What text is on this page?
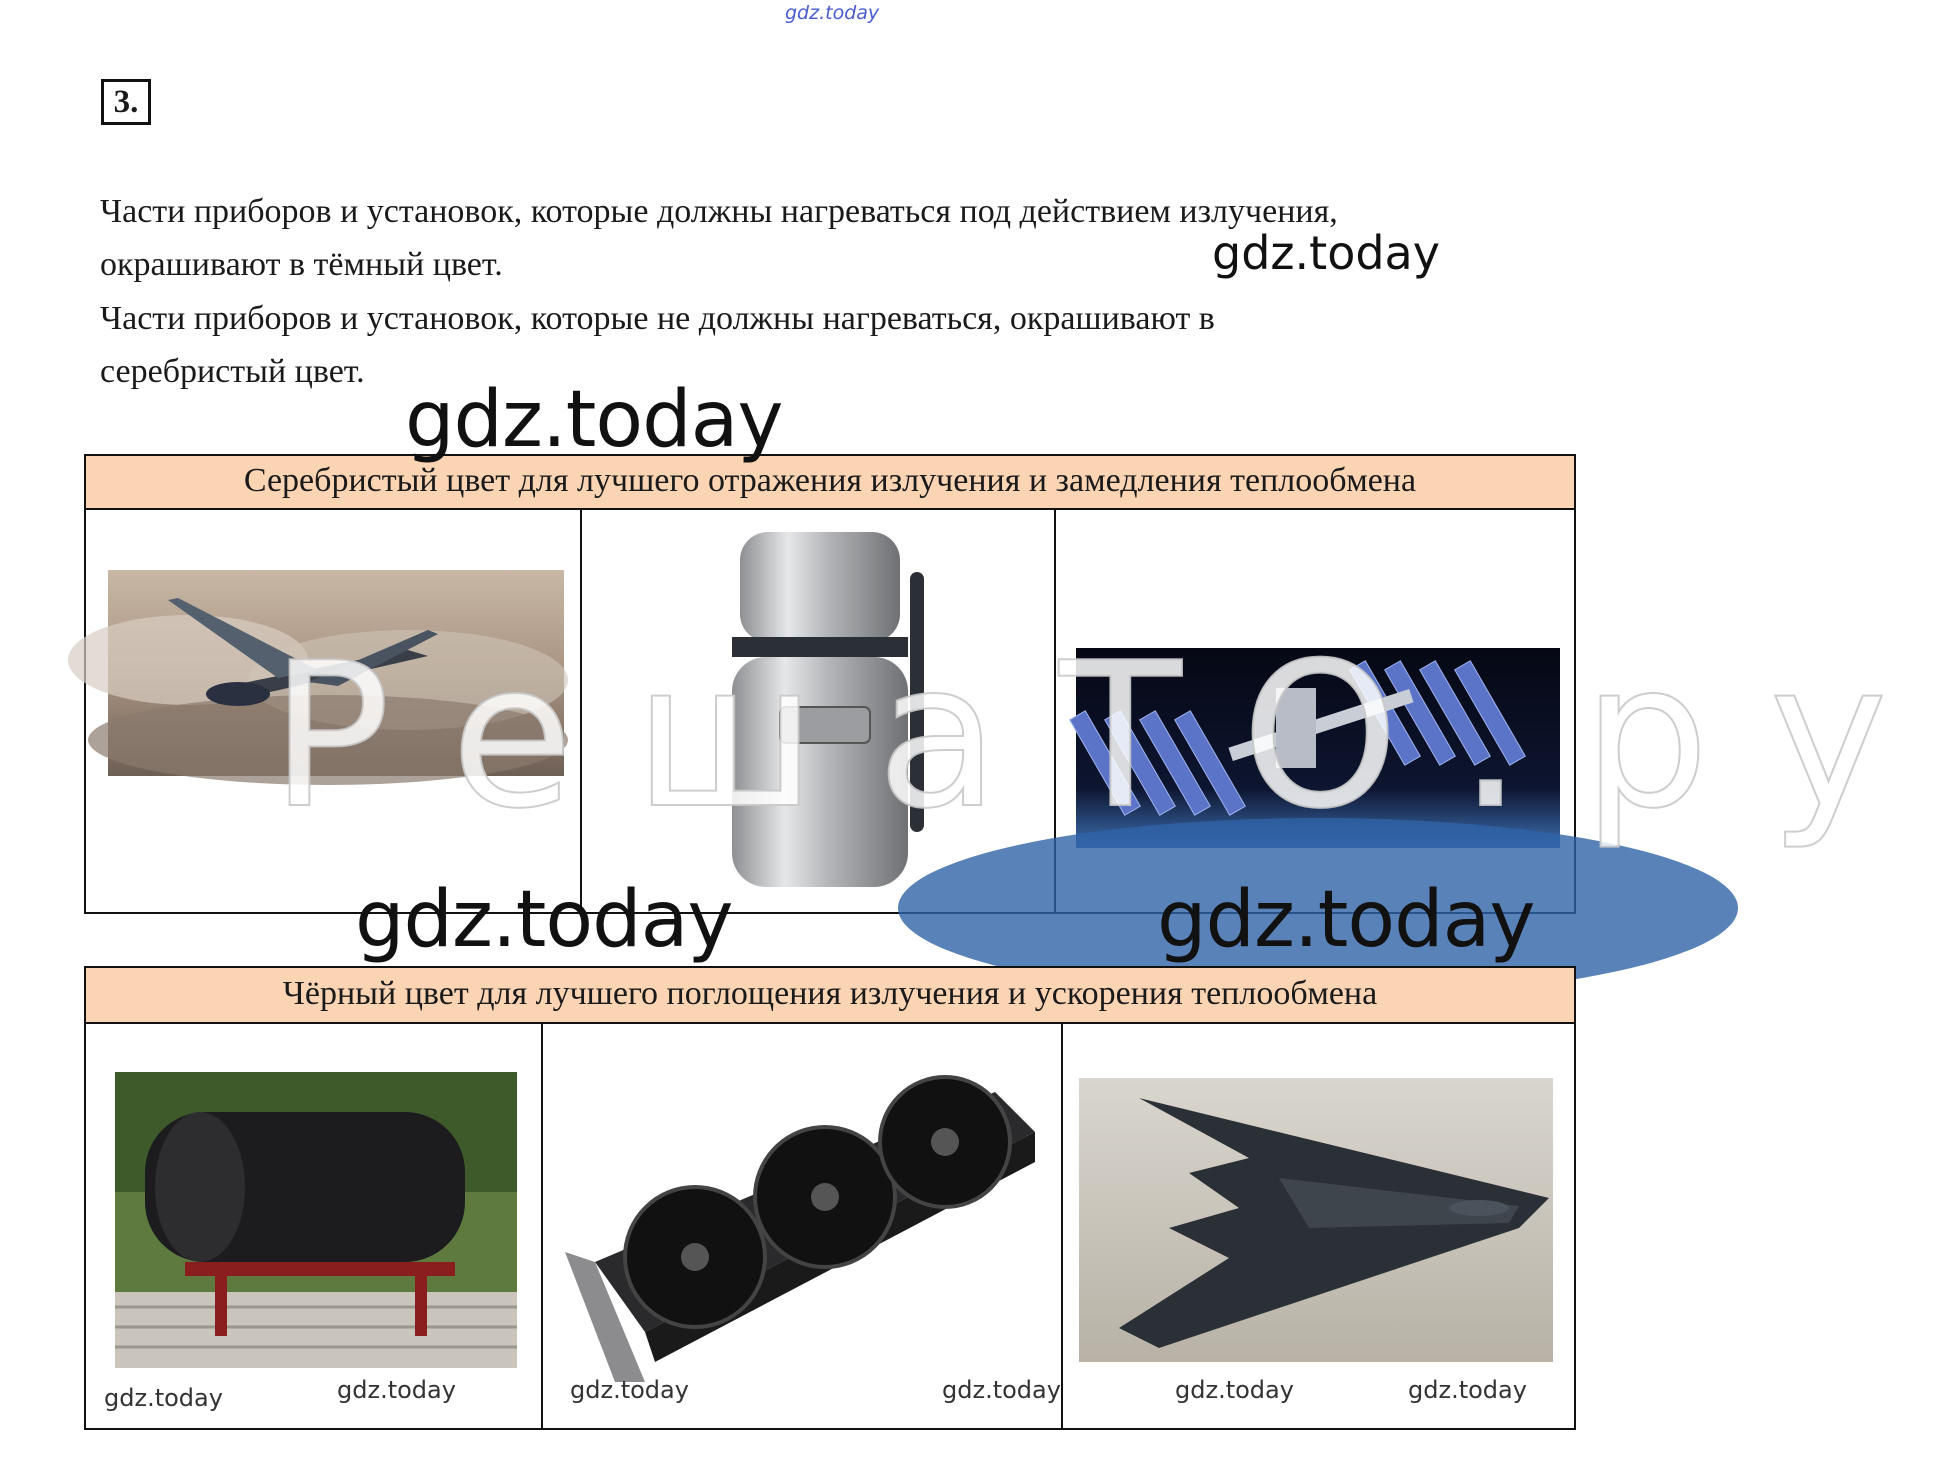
gdz.today
3.
Части приборов и установок, которые должны нагреваться под действием излучения,
окрашивают в тёмный цвет.
Части приборов и установок, которые не должны нагреваться, окрашивают в
серебристый цвет.
Серебристый цвет для лучшего отражения излучения и замедления теплообмена
Чёрный цвет для лучшего поглощения излучения и ускорения теплообмена
РешаТО.ру
gdz.today
gdz.today
gdz.today	gdz.today
gdz.today	gdz.today	gdz.today	gdz.today	gdz.today	gdz.today
